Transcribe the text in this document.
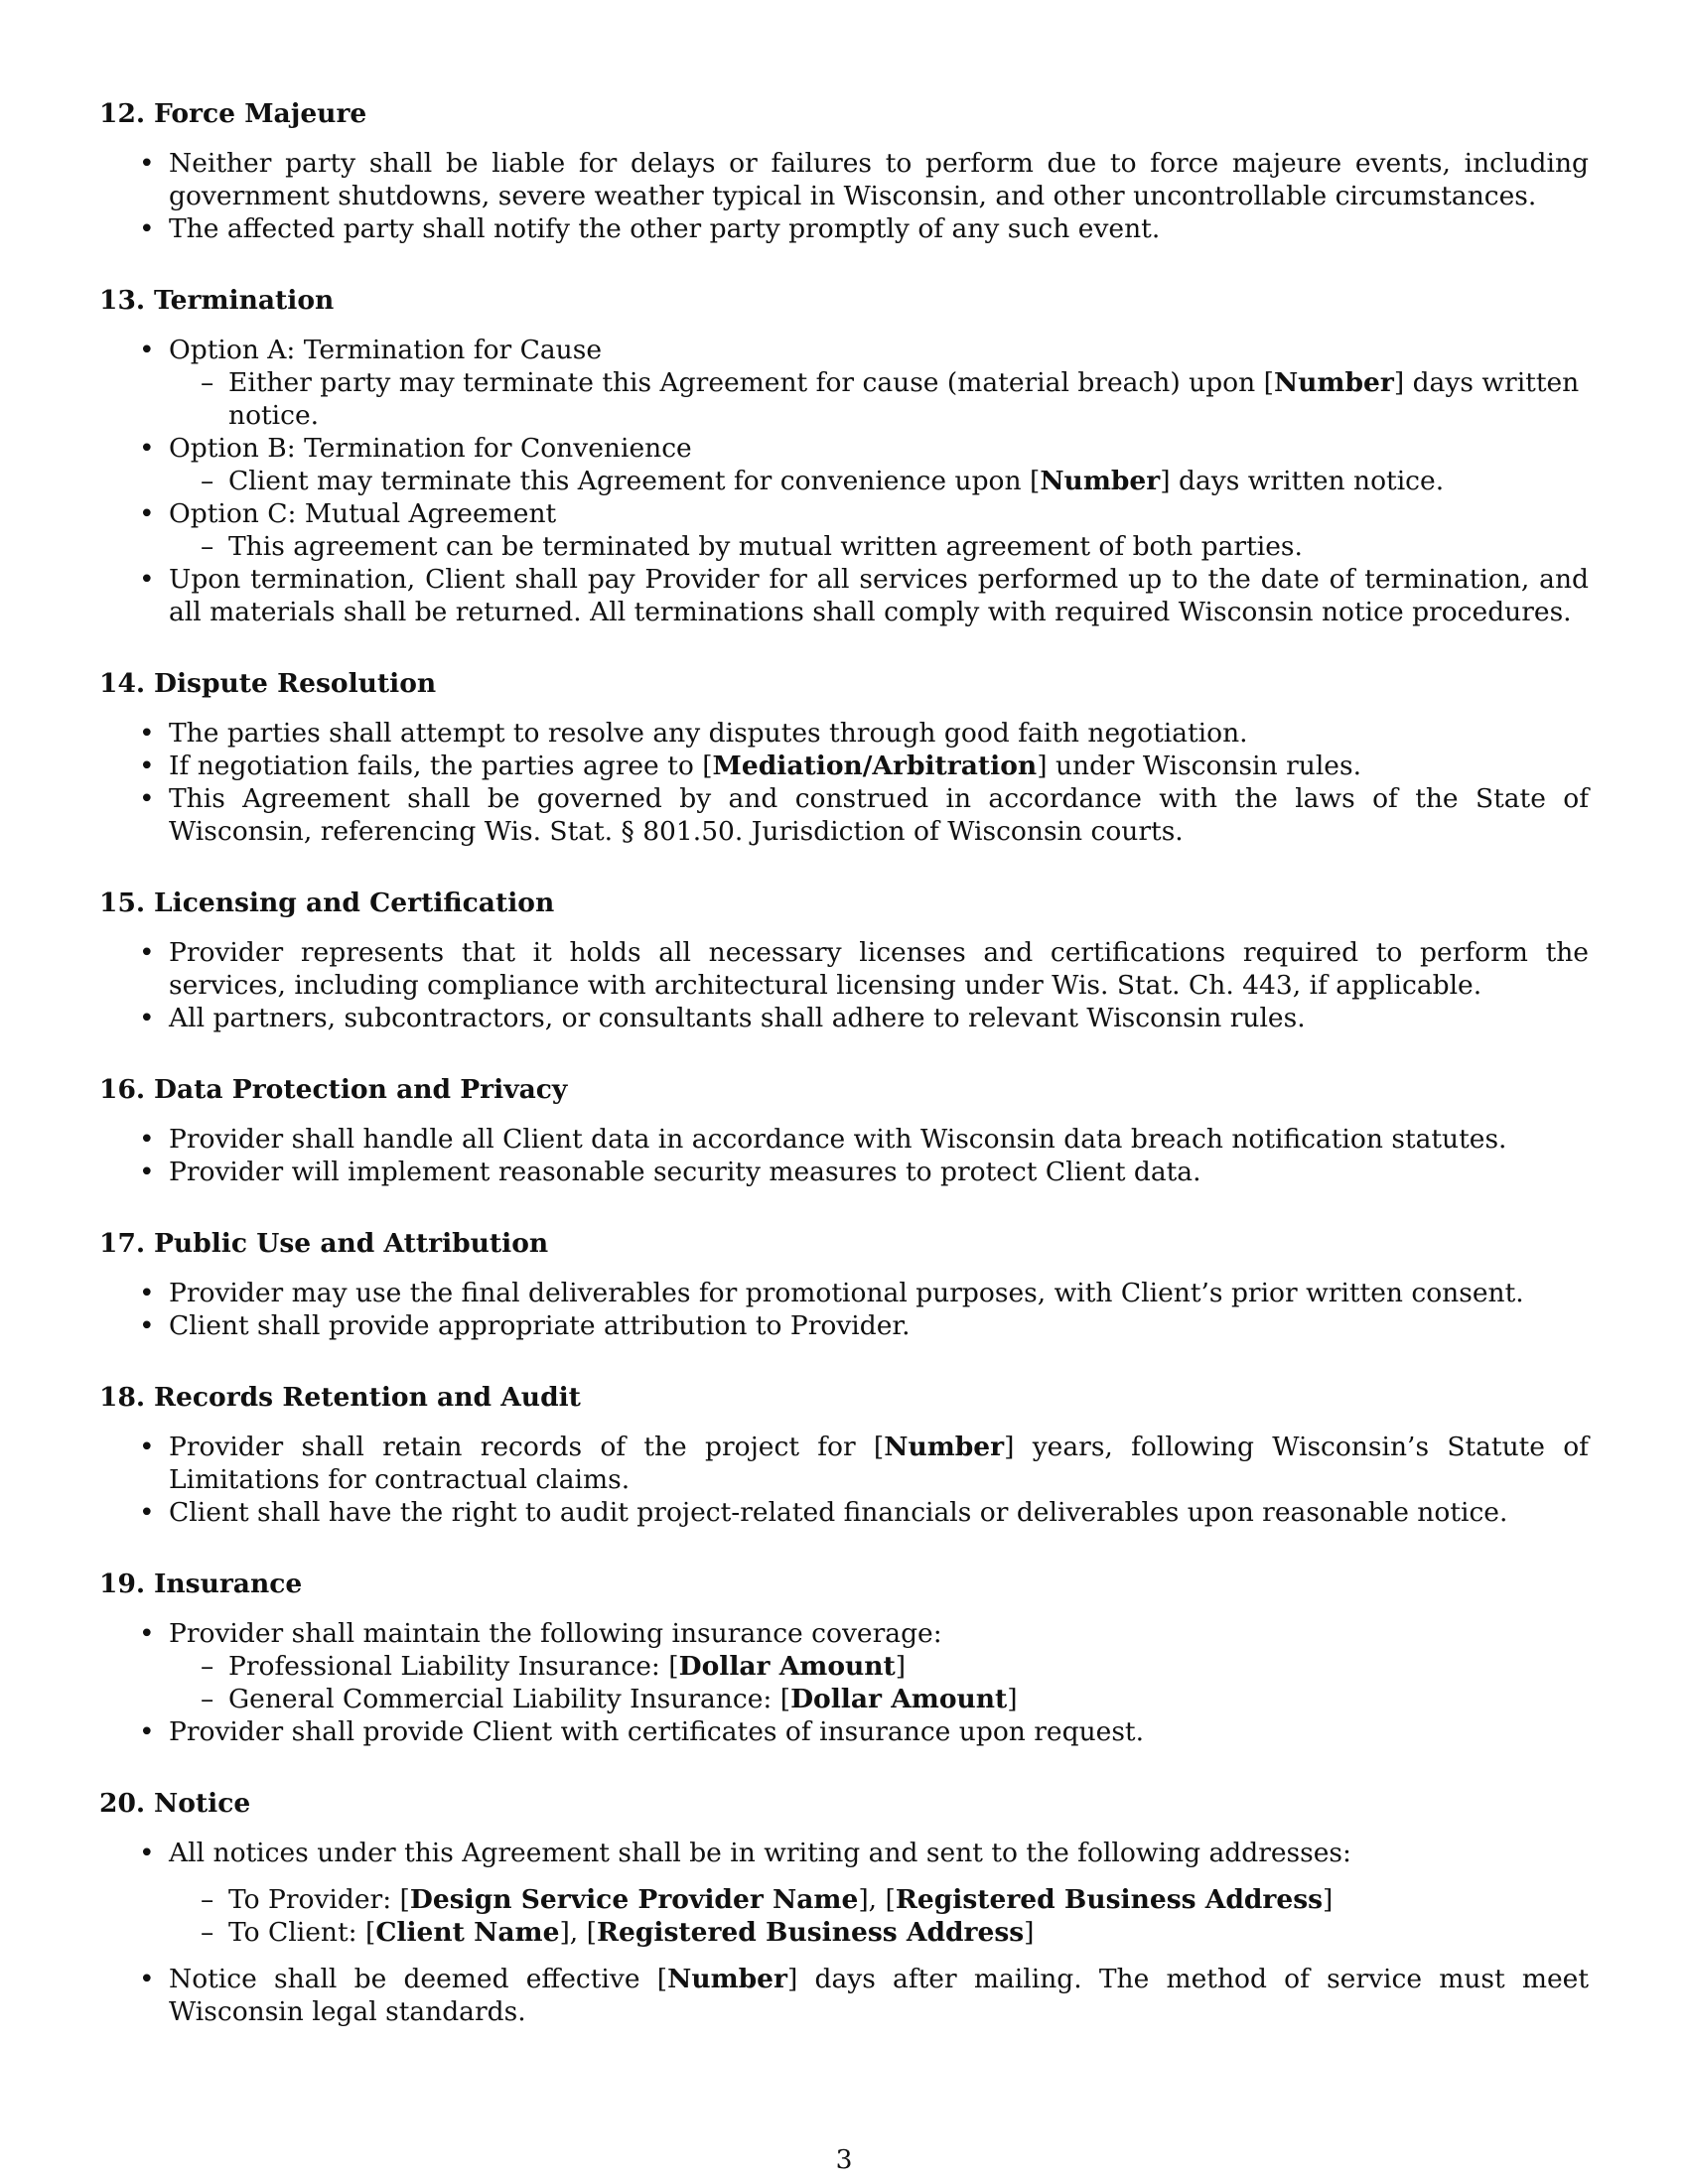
12. Force Majeure
• Neither party shall be liable for delays or failures to perform due to force majeure events, including government shutdowns, severe weather typical in Wisconsin, and other uncontrollable circumstances.
• The affected party shall notify the other party promptly of any such event.
13. Termination
• Option A: Termination for Cause
– Either party may terminate this Agreement for cause (material breach) upon [Number] days written notice.
• Option B: Termination for Convenience
– Client may terminate this Agreement for convenience upon [Number] days written notice.
• Option C: Mutual Agreement
– This agreement can be terminated by mutual written agreement of both parties.
• Upon termination, Client shall pay Provider for all services performed up to the date of termination, and all materials shall be returned. All terminations shall comply with required Wisconsin notice procedures.
14. Dispute Resolution
• The parties shall attempt to resolve any disputes through good faith negotiation.
• If negotiation fails, the parties agree to [Mediation/Arbitration] under Wisconsin rules.
• This Agreement shall be governed by and construed in accordance with the laws of the State of Wisconsin, referencing Wis. Stat. § 801.50. Jurisdiction of Wisconsin courts.
15. Licensing and Certification
• Provider represents that it holds all necessary licenses and certifications required to perform the services, including compliance with architectural licensing under Wis. Stat. Ch. 443, if applicable.
• All partners, subcontractors, or consultants shall adhere to relevant Wisconsin rules.
16. Data Protection and Privacy
• Provider shall handle all Client data in accordance with Wisconsin data breach notification statutes.
• Provider will implement reasonable security measures to protect Client data.
17. Public Use and Attribution
• Provider may use the final deliverables for promotional purposes, with Client’s prior written consent.
• Client shall provide appropriate attribution to Provider.
18. Records Retention and Audit
• Provider shall retain records of the project for [Number] years, following Wisconsin’s Statute of Limitations for contractual claims.
• Client shall have the right to audit project-related financials or deliverables upon reasonable notice.
19. Insurance
• Provider shall maintain the following insurance coverage:
– Professional Liability Insurance: [Dollar Amount]
– General Commercial Liability Insurance: [Dollar Amount]
• Provider shall provide Client with certificates of insurance upon request.
20. Notice
• All notices under this Agreement shall be in writing and sent to the following addresses:
– To Provider: [Design Service Provider Name], [Registered Business Address]
– To Client: [Client Name], [Registered Business Address]
• Notice shall be deemed effective [Number] days after mailing. The method of service must meet Wisconsin legal standards.
3
